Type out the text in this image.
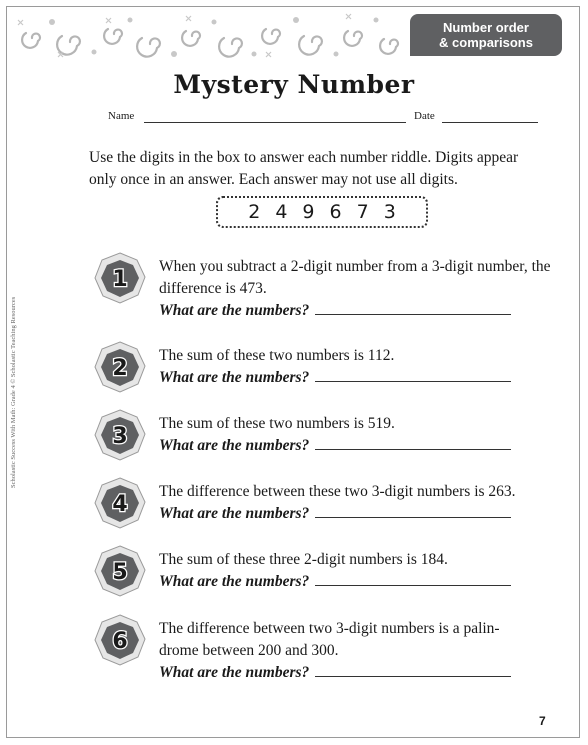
Number order
& comparisons
Mystery Number
Name	Date
Use the digits in the box to answer each number riddle. Digits appear only once in an answer. Each answer may not use all digits.
2 4 9 6 7 3
1
When you subtract a 2-digit number from a 3-digit number, the difference is 473.
What are the numbers?
2
The sum of these two numbers is 112.
What are the numbers?
3
The sum of these two numbers is 519.
What are the numbers?
4
The difference between these two 3-digit numbers is 263.
What are the numbers?
5
The sum of these three 2-digit numbers is 184.
What are the numbers?
6
The difference between two 3-digit numbers is a palin-drome between 200 and 300.
What are the numbers?
Scholastic Success With Math: Grade 4 © Scholastic Teaching Resources
7
